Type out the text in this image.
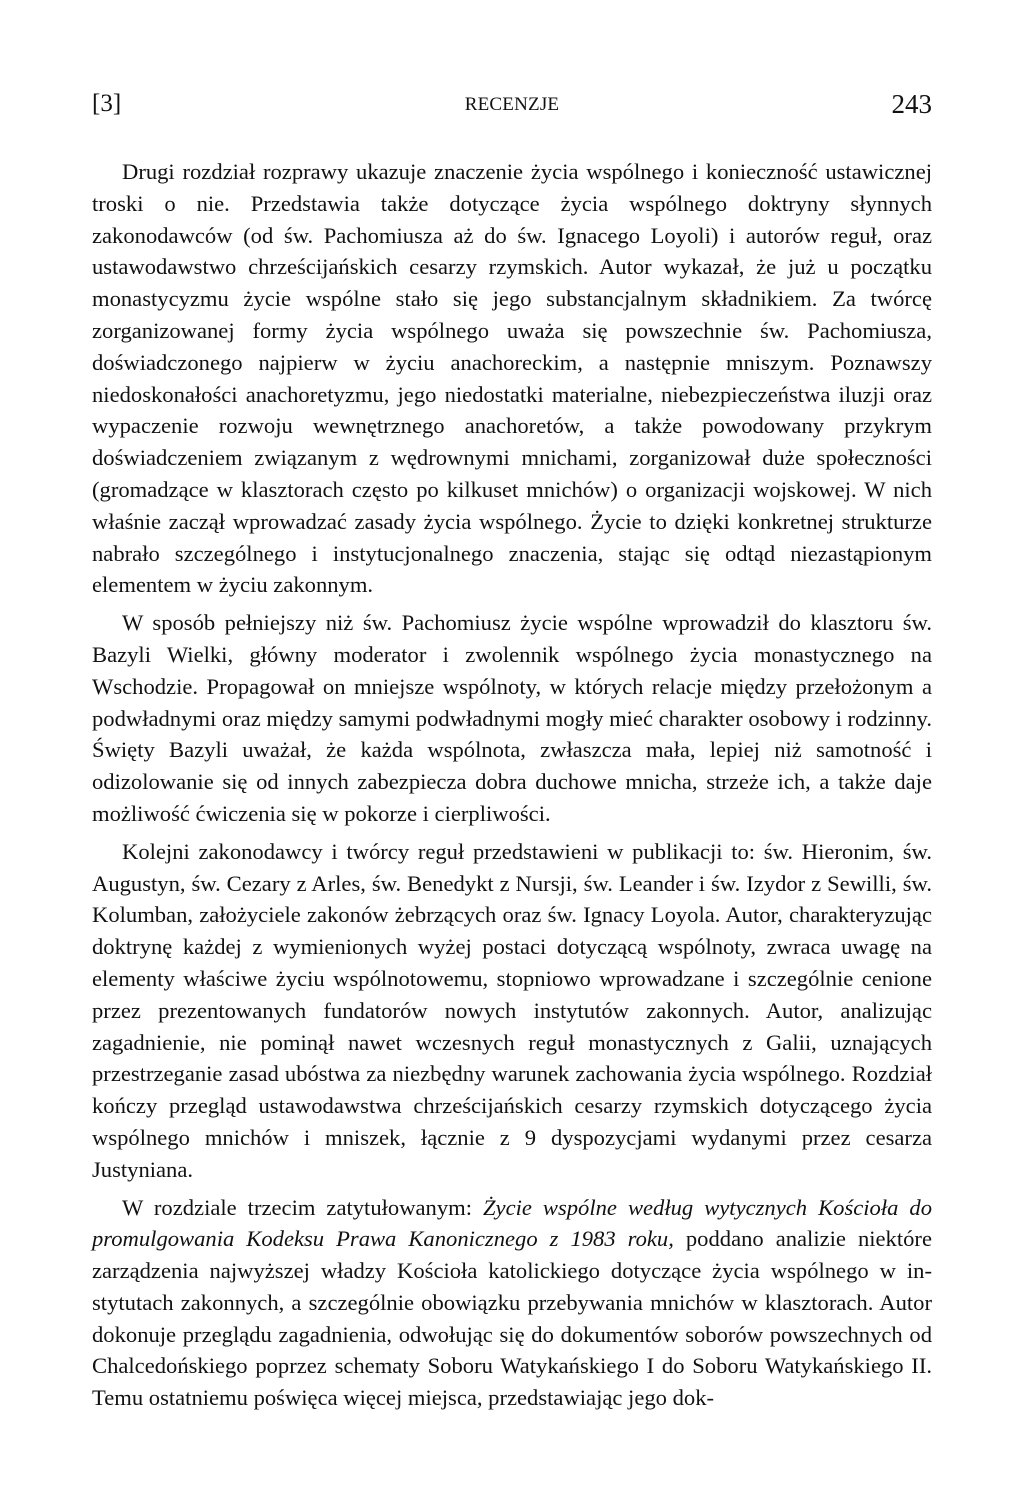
[3]	RECENZJE	243

Drugi rozdział rozprawy ukazuje znaczenie życia wspólnego i konieczność ustawicznej troski o nie. Przedstawia także dotyczące życia wspólnego doktryny słynnych zakonodawców (od św. Pachomiusza aż do św. Ignacego Loyoli) i autorów reguł, oraz ustawodawstwo chrześcijańskich cesarzy rzymskich. Autor wykazał, że już u początku monastycyzmu życie wspólne stało się jego substancjalnym składnikiem. Za twórcę zorganizowanej formy życia wspólnego uważa się powszechnie św. Pachomiusza, doświadczonego najpierw w życiu anachoreckim, a następnie mniszym. Poznawszy niedoskonałości anachoretyzmu, jego niedostatki materialne, niebezpieczeństwa iluzji oraz wypaczenie rozwoju wewnętrznego anachoretów, a także powodowany przykrym doświadczeniem związanym z wędrownymi mnichami, zorganizował duże społeczności (gromadzące w klasztorach często po kilkuset mnichów) o organizacji wojskowej. W nich właśnie zaczął wprowadzać zasady życia wspólnego. Życie to dzięki konkretnej strukturze nabrało szczególnego i instytucjonalnego znaczenia, stając się odtąd niezastąpionym elementem w życiu zakonnym.

W sposób pełniejszy niż św. Pachomiusz życie wspólne wprowadził do klasztoru św. Bazyli Wielki, główny moderator i zwolennik wspólnego życia monastycznego na Wschodzie. Propagował on mniejsze wspólnoty, w których relacje między przełożonym a podwładnymi oraz między samymi podwładnymi mogły mieć charakter osobowy i rodzinny. Święty Bazyli uważał, że każda wspólnota, zwłaszcza mała, lepiej niż samotność i odizolowanie się od innych zabezpiecza dobra duchowe mnicha, strzeże ich, a także daje możliwość ćwiczenia się w pokorze i cierpliwości.

Kolejni zakonodawcy i twórcy reguł przedstawieni w publikacji to: św. Hieronim, św. Augustyn, św. Cezary z Arles, św. Benedykt z Nursji, św. Leander i św. Izydor z Sewilli, św. Kolumban, założyciele zakonów żebrzących oraz św. Ignacy Loyola. Autor, charakteryzując doktrynę każdej z wymienionych wyżej postaci dotyczącą wspólnoty, zwraca uwagę na elementy właściwe życiu wspólnotowemu, stopniowo wprowadzane i szczególnie cenione przez prezentowanych fundatorów nowych instytutów zakonnych. Autor, analizując zagadnienie, nie pominął nawet wczesnych reguł monastycznych z Galii, uznających przestrzeganie zasad ubóstwa za niezbędny warunek zachowania życia wspólnego. Rozdział kończy przegląd ustawodawstwa chrześcijańskich cesarzy rzymskich dotyczącego życia wspólnego mnichów i mniszek, łącznie z 9 dyspozycjami wydanymi przez cesarza Justyniana.

W rozdziale trzecim zatytułowanym: Życie wspólne według wytycznych Kościoła do promulgowania Kodeksu Prawa Kanonicznego z 1983 roku, poddano analizie niektóre zarządzenia najwyższej władzy Kościoła katolickiego dotyczące życia wspólnego w instytutach zakonnych, a szczególnie obowiązku przebywania mnichów w klasztorach. Autor dokonuje przeglądu zagadnienia, odwołując się do dokumentów soborów powszechnych od Chalcedońskiego poprzez schematy Soboru Watykańskiego I do Soboru Watykańskiego II. Temu ostatniemu poświęca więcej miejsca, przedstawiając jego dok-
